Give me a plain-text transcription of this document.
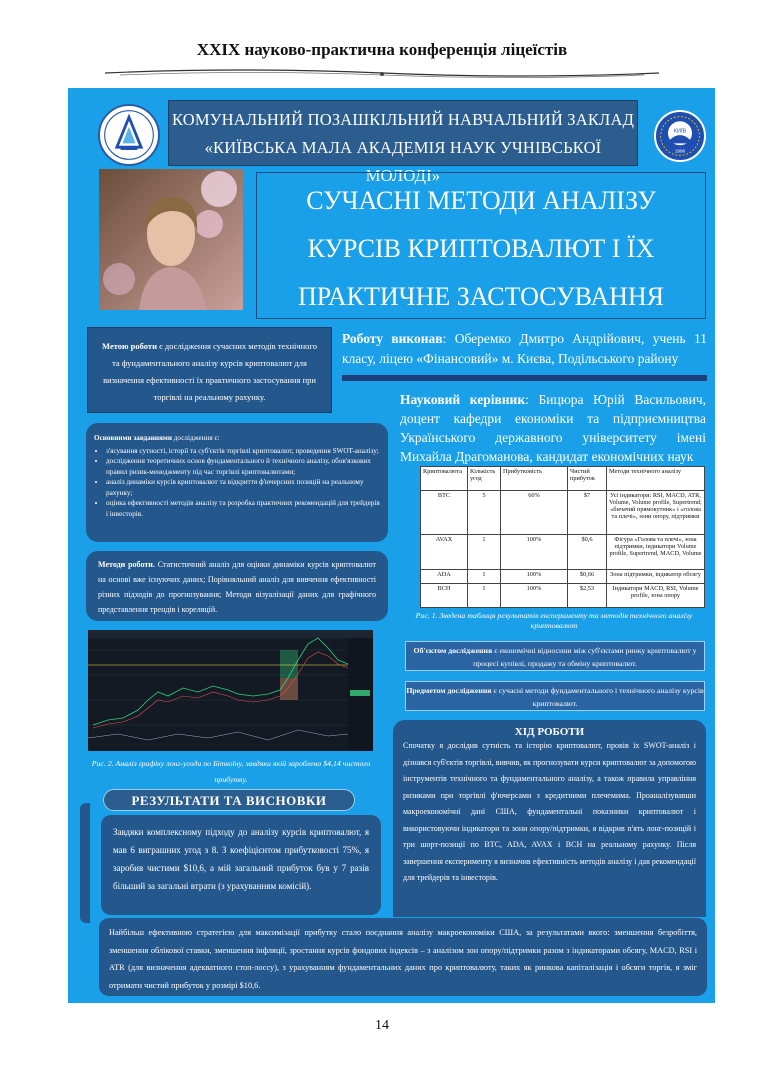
XXIX науково-практична конференція ліцеїстів
КИЇВ
1996
КОМУНАЛЬНИЙ ПОЗАШКІЛЬНИЙ НАВЧАЛЬНИЙ ЗАКЛАД
«КИЇВСЬКА МАЛА АКАДЕМІЯ НАУК УЧНІВСЬКОЇ МОЛОДІ»
СУЧАСНІ МЕТОДИ АНАЛІЗУ
КУРСІВ КРИПТОВАЛЮТ І ЇХ
ПРАКТИЧНЕ ЗАСТОСУВАННЯ
Метою роботи є дослідження сучасних методів технічного та фундаментального аналізу курсів криптовалют для визначення ефективності їх практичного застосування при торгівлі на реальному рахунку.
Роботу виконав: Оберемко Дмитро Андрійович, учень 11 класу, ліцею «Фінансовий» м. Києва, Подільського району
Науковий керівник: Бицюра Юрій Васильович, доцент кафедри економіки та підприємництва Українського державного університету імені Михайла Драгоманова, кандидат економічних наук
Основними завданнями дослідження є:
• з'ясування сутності, історії та суб'єктів торгівлі криптовалют, проведення SWOT-аналізу;
• дослідження теоретичних основ фундаментального й технічного аналізу, обов'язкових правил ризик-менеджменту під час торгівлі криптовалютами;
• аналіз динаміки курсів криптовалют та відкриття ф'ючерсних позицій на реальному рахунку;
• оцінка ефективності методів аналізу та розробка практичних рекомендацій для трейдерів і інвесторів.
Криптовалюта	Кількість угод	Прибутковість	Чистий прибуток	Методи технічного аналізу
BTC	5	60%	$7	Усі індикатори: RSI, MACD, ATR, Volume, Volume profile, Supertrend; «бичачий прямокутник» і «голова та плечі», зони опору, підтримки
AVAX	1	100%	$0,6	Фігура «Голова та плечі», зона підтримки, індикатори Volume profile, Supertrend, MACD, Volume
ADA	1	100%	$0,66	Зона підтримки, індикатор обсягу
BCH	1	100%	$2,53	Індикатори MACD, RSI, Volume profile, зона опору
Рис. 1. Зведена таблиця результатів експерименту та методів технічного аналізу криптовалют
Методи роботи. Статистичний аналіз для оцінки динаміки курсів криптовалют на основі вже існуючих даних; Порівняльний аналіз для вивчення ефективності різних підходів до прогнозування; Методи візуалізації даних для графічного представлення трендів і кореляцій.
Об'єктом дослідження є економічні відносини між суб'єктами ринку криптовалют у процесі купівлі, продажу та обміну криптовалют.
Предметом дослідження є сучасні методи фундаментального і технічного аналізу курсів криптовалют.
Рис. 2. Аналіз графіку лонг-угоди по Біткоїну, завдяки якій зароблено $4,14 чистого прибутку.
РЕЗУЛЬТАТИ ТА ВИСНОВКИ
Завдяки комплексному підходу до аналізу курсів криптовалют, я мав 6 виграшних угод з 8. З коефіцієнтом прибутковості 75%, я заробив чистими $10,6, а мій загальний прибуток був у 7 разів більший за загальні втрати (з урахуванням комісій).
ХІД РОБОТИ
Спочатку я дослідив сутність та історію криптовалют, провів їх SWOT-аналіз і дізнався суб'єктів торгівлі, вивчив, як прогнозувати курси криптовалют за допомогою інструментів технічного та фундаментального аналізу, а також правила управління ризиками при торгівлі ф'ючерсами з кредитними плечемима. Проаналізувавши макроекономічні дані США, фундаментальні показники криптовалют і використовуючи індикатори та зони опору/підтримки, я відкрив п'ять лонг-позицій і три шорт-позиції по BTC, ADA, AVAX і BCH на реальному рахунку. Після завершення експерименту я визначив ефективність методів аналізу і дав рекомендації для трейдерів та інвесторів.
Найбільш ефективною стратегією для максимізації прибутку стало поєднання аналізу макроекономіки США, за результатами якого: зменшення безробіття, зменшення облікової ставки, зменшення інфляції, зростання курсів фондових індексів – з аналізом зон опору/підтримки разом з індикаторами обсягу, MACD, RSI і ATR (для визначення адекватного стоп-лоссу), з урахуванням фундаментальних даних про криптовалюту, таких як ринкова капіталізація і обсяги торгів, я зміг отримати чистий прибуток у розмірі $10,6.
14
